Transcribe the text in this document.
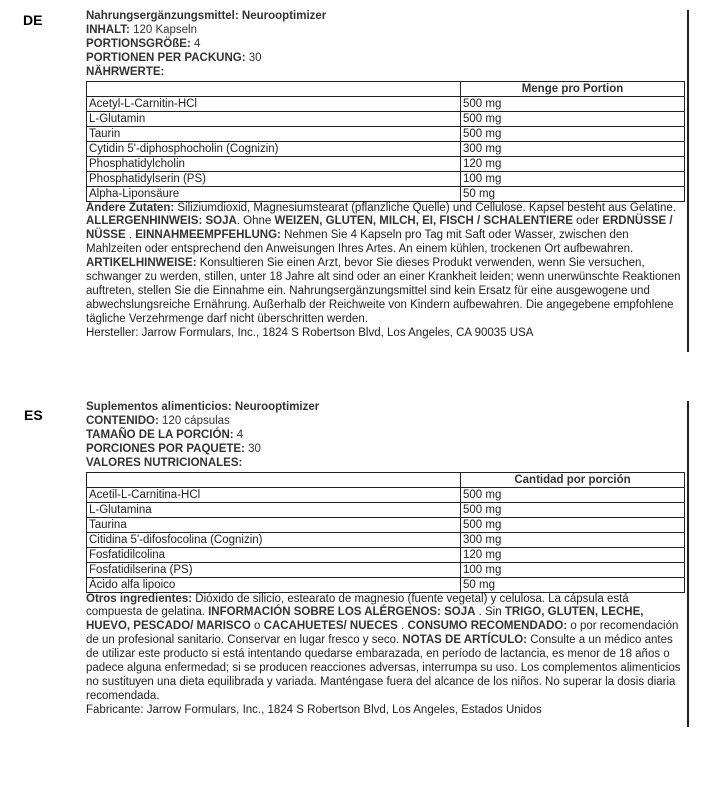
DE	Nahrungsergänzungsmittel: Neurooptimizer
INHALT: 120 Kapseln
PORTIONSGRÖßE: 4
PORTIONEN PER PACKUNG: 30
NÄHRWERTE:
	Menge pro Portion
Acetyl-L-Carnitin-HCl	500 mg
L-Glutamin	500 mg
Taurin	500 mg
Cytidin 5'-diphosphocholin (Cognizin)	300 mg
Phosphatidylcholin	120 mg
Phosphatidylserin (PS)	100 mg
Alpha-Liponsäure	50 mg
Andere Zutaten: Siliziumdioxid, Magnesiumstearat (pflanzliche Quelle) und Cellulose. Kapsel besteht aus Gelatine. ALLERGENHINWEIS: SOJA. Ohne WEIZEN, GLUTEN, MILCH, EI, FISCH / SCHALENTIERE oder ERDNÜSSE / NÜSSE . EINNAHMEEMPFEHLUNG: Nehmen Sie 4 Kapseln pro Tag mit Saft oder Wasser, zwischen den Mahlzeiten oder entsprechend den Anweisungen Ihres Artes. An einem kühlen, trockenen Ort aufbewahren. ARTIKELHINWEISE: Konsultieren Sie einen Arzt, bevor Sie dieses Produkt verwenden, wenn Sie versuchen, schwanger zu werden, stillen, unter 18 Jahre alt sind oder an einer Krankheit leiden; wenn unerwünschte Reaktionen auftreten, stellen Sie die Einnahme ein. Nahrungsergänzungsmittel sind kein Ersatz für eine ausgewogene und abwechslungsreiche Ernährung. Außerhalb der Reichweite von Kindern aufbewahren. Die angegebene empfohlene tägliche Verzehrmenge darf nicht überschritten werden.
Hersteller: Jarrow Formulars, Inc., 1824 S Robertson Blvd, Los Angeles, CA 90035 USA
ES	Suplementos alimenticios: Neurooptimizer
CONTENIDO: 120 cápsulas
TAMAÑO DE LA PORCIÓN: 4
PORCIONES POR PAQUETE: 30
VALORES NUTRICIONALES:
	Cantidad por porción
Acetil-L-Carnitina-HCl	500 mg
L-Glutamina	500 mg
Taurina	500 mg
Citidina 5'-difosfocolina (Cognizin)	300 mg
Fosfatidilcolina	120 mg
Fosfatidilserina (PS)	100 mg
Ácido alfa lipoico	50 mg
Otros ingredientes: Dióxido de silicio, estearato de magnesio (fuente vegetal) y celulosa. La cápsula está compuesta de gelatina. INFORMACIÓN SOBRE LOS ALÉRGENOS: SOJA . Sin TRIGO, GLUTEN, LECHE, HUEVO, PESCADO/ MARISCO o CACAHUETES/ NUECES . CONSUMO RECOMENDADO: o por recomendación de un profesional sanitario. Conservar en lugar fresco y seco. NOTAS DE ARTÍCULO: Consulte a un médico antes de utilizar este producto si está intentando quedarse embarazada, en período de lactancia, es menor de 18 años o padece alguna enfermedad; si se producen reacciones adversas, interrumpa su uso. Los complementos alimenticios no sustituyen una dieta equilibrada y variada. Manténgase fuera del alcance de los niños. No superar la dosis diaria recomendada.
Fabricante: Jarrow Formulars, Inc., 1824 S Robertson Blvd, Los Angeles, Estados Unidos
